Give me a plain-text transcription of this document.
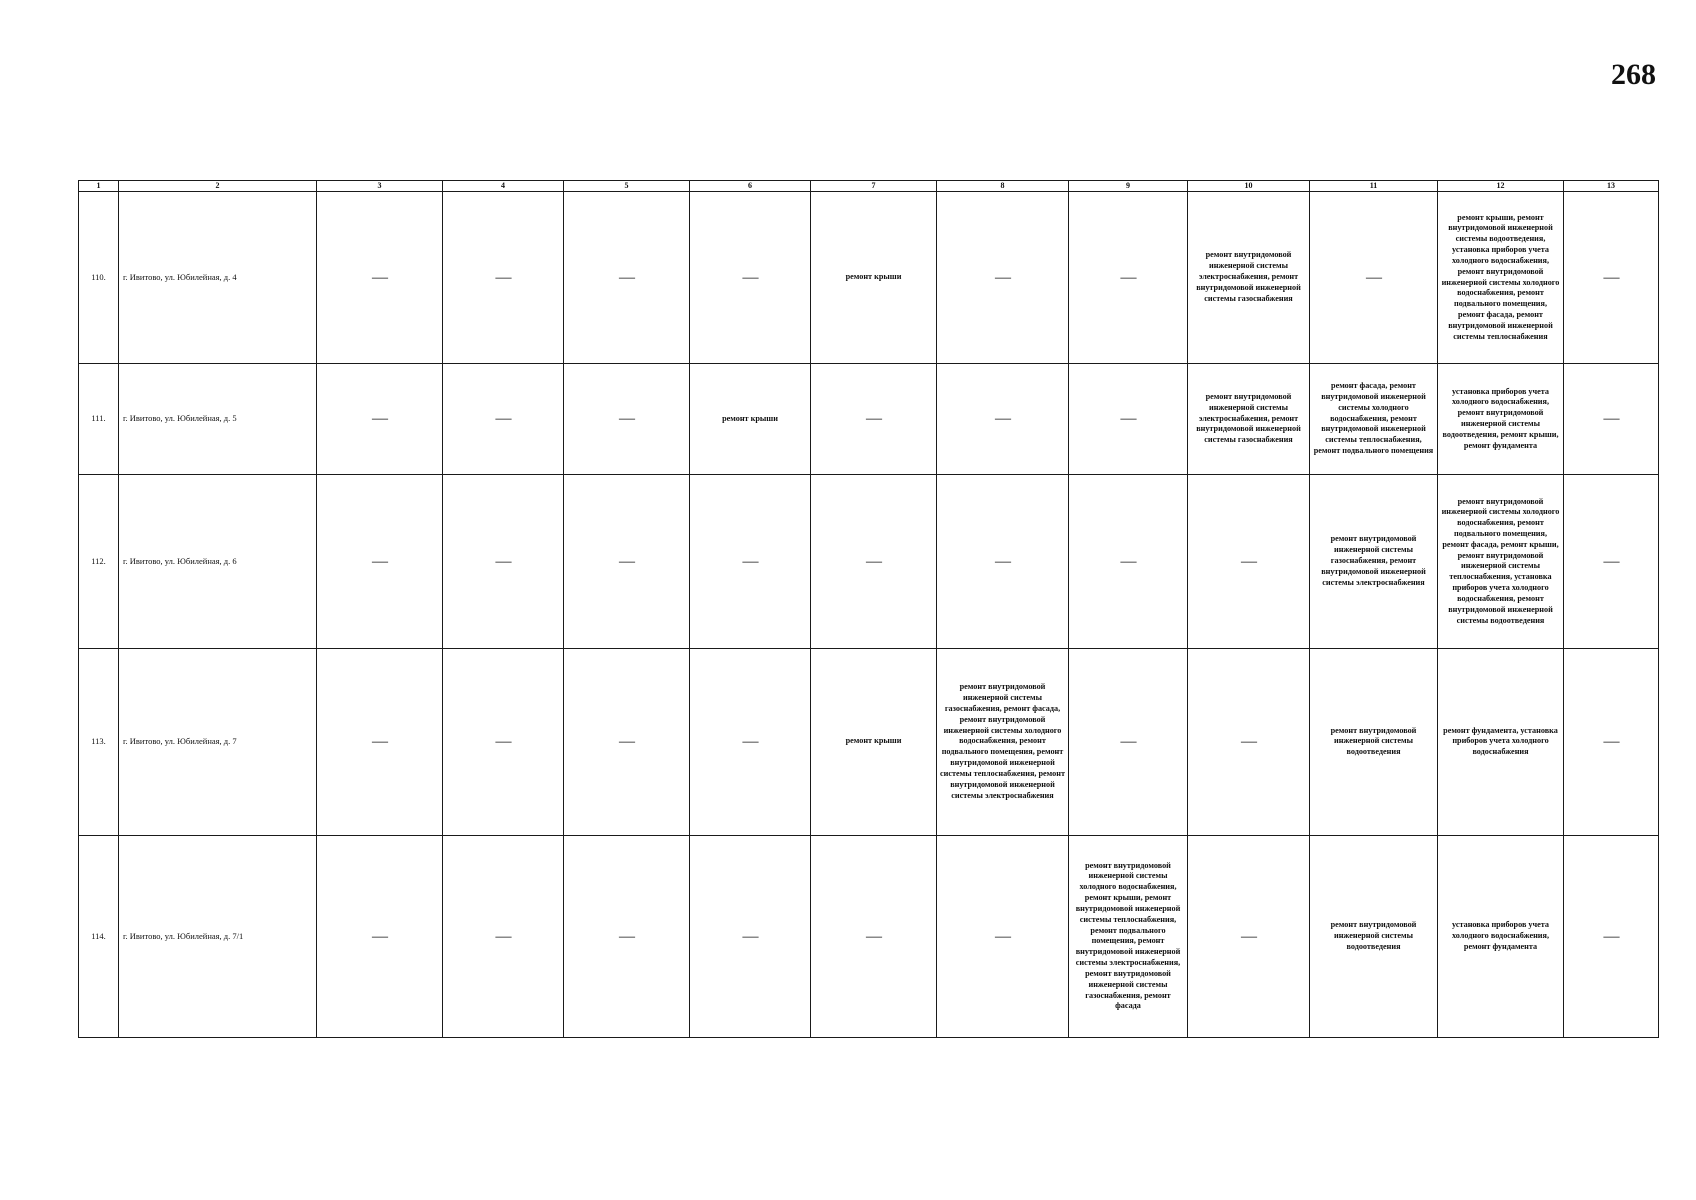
268
1	2	3	4	5	6	7	8	9	10	11	12	13
110.	г. Ивитово, ул. Юбилейная, д. 4	—	—	—	—	ремонт крыши	—	—	ремонт внутридомовой инженерной системы электроснабжения, ремонт внутридомовой инженерной системы газоснабжения	—	ремонт крыши, ремонт внутридомовой инженерной системы водоотведения, установка приборов учета холодного водоснабжения, ремонт внутридомовой инженерной системы холодного водоснабжения, ремонт подвального помещения, ремонт фасада, ремонт внутридомовой инженерной системы теплоснабжения	—
111.	г. Ивитово, ул. Юбилейная, д. 5	—	—	—	ремонт крыши	—	—	—	ремонт внутридомовой инженерной системы электроснабжения, ремонт внутридомовой инженерной системы газоснабжения	ремонт фасада, ремонт внутридомовой инженерной системы холодного водоснабжения, ремонт внутридомовой инженерной системы теплоснабжения, ремонт подвального помещения	установка приборов учета холодного водоснабжения, ремонт внутридомовой инженерной системы водоотведения, ремонт крыши, ремонт фундамента	—
112.	г. Ивитово, ул. Юбилейная, д. 6	—	—	—	—	—	—	—	—	ремонт внутридомовой инженерной системы газоснабжения, ремонт внутридомовой инженерной системы электроснабжения	ремонт внутридомовой инженерной системы холодного водоснабжения, ремонт подвального помещения, ремонт фасада, ремонт крыши, ремонт внутридомовой инженерной системы теплоснабжения, установка приборов учета холодного водоснабжения, ремонт внутридомовой инженерной системы водоотведения	—
113.	г. Ивитово, ул. Юбилейная, д. 7	—	—	—	—	ремонт крыши	ремонт внутридомовой инженерной системы газоснабжения, ремонт фасада, ремонт внутридомовой инженерной системы холодного водоснабжения, ремонт подвального помещения, ремонт внутридомовой инженерной системы теплоснабжения, ремонт внутридомовой инженерной системы электроснабжения	—	—	ремонт внутридомовой инженерной системы водоотведения	ремонт фундамента, установка приборов учета холодного водоснабжения	—
114.	г. Ивитово, ул. Юбилейная, д. 7/1	—	—	—	—	—	—	ремонт внутридомовой инженерной системы холодного водоснабжения, ремонт крыши, ремонт внутридомовой инженерной системы теплоснабжения, ремонт подвального помещения, ремонт внутридомовой инженерной системы электроснабжения, ремонт внутридомовой инженерной системы газоснабжения, ремонт фасада	—	ремонт внутридомовой инженерной системы водоотведения	установка приборов учета холодного водоснабжения, ремонт фундамента	—
